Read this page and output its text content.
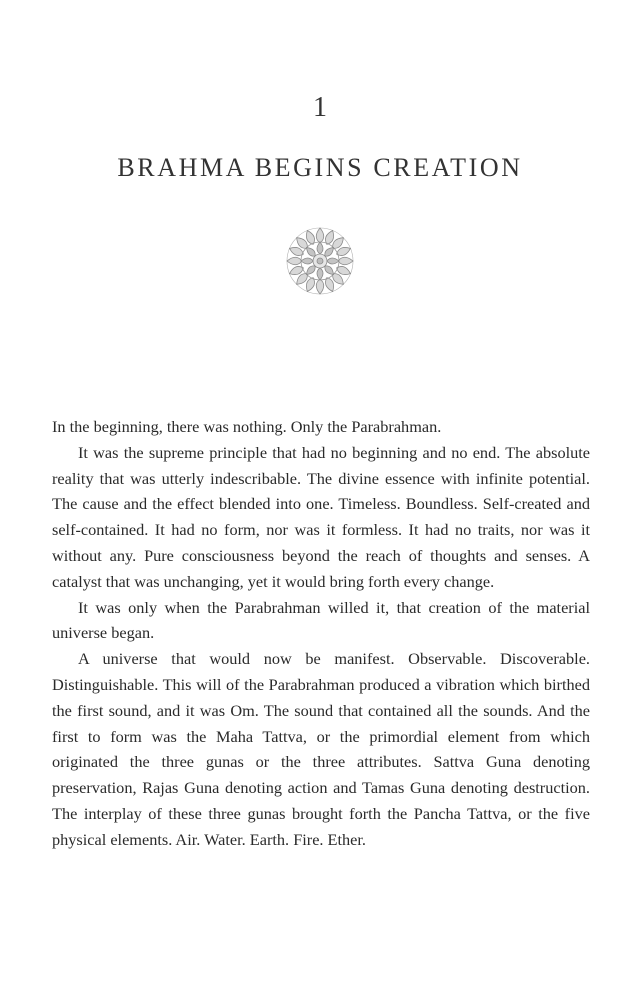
1
BRAHMA BEGINS CREATION

In the beginning, there was nothing. Only the Parabrahman.

It was the supreme principle that had no beginning and no end. The absolute reality that was utterly indescribable. The divine essence with infinite potential. The cause and the effect blended into one. Timeless. Boundless. Self-created and self-contained. It had no form, nor was it formless. It had no traits, nor was it without any. Pure consciousness beyond the reach of thoughts and senses. A catalyst that was unchanging, yet it would bring forth every change.

It was only when the Parabrahman willed it, that creation of the material universe began.

A universe that would now be manifest. Observable. Discoverable. Distinguishable. This will of the Parabrahman produced a vibration which birthed the first sound, and it was Om. The sound that contained all the sounds. And the first to form was the Maha Tattva, or the primordial element from which originated the three gunas or the three attributes. Sattva Guna denoting preservation, Rajas Guna denoting action and Tamas Guna denoting destruction. The interplay of these three gunas brought forth the Pancha Tattva, or the five physical elements. Air. Water. Earth. Fire. Ether.
